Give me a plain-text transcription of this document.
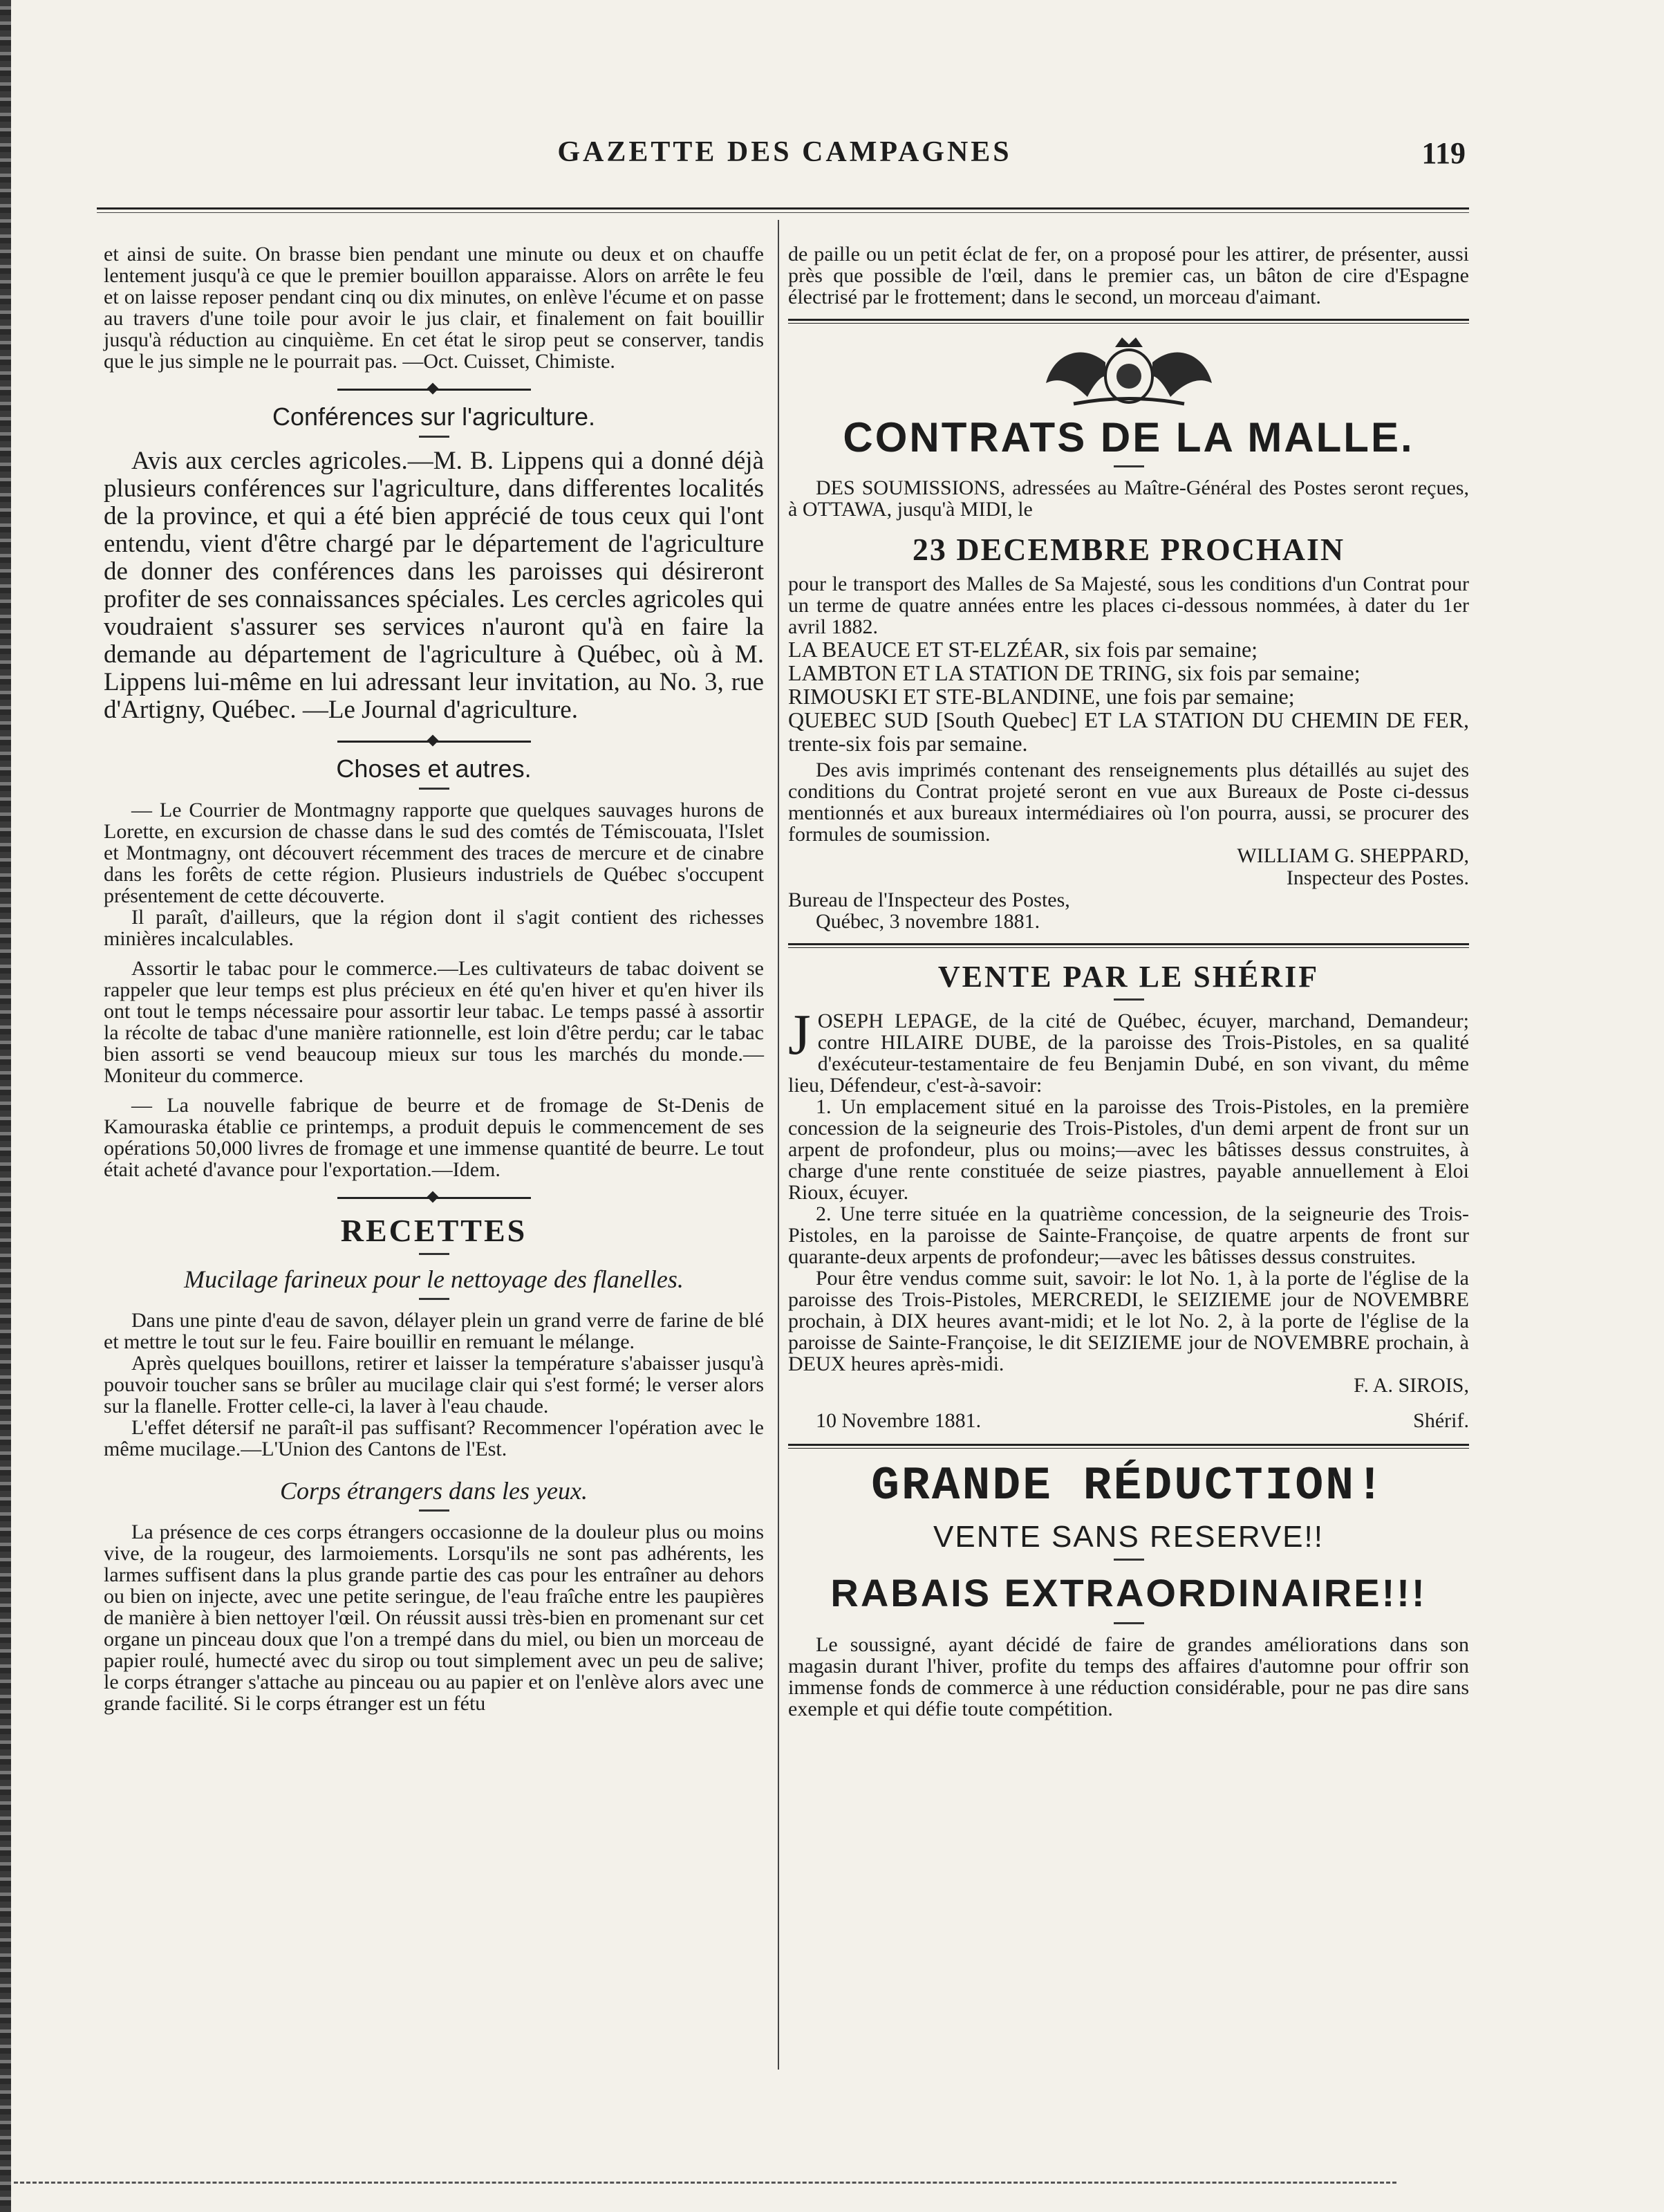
GAZETTE DES CAMPAGNES	119

et ainsi de suite. On brasse bien pendant une minute ou deux et on chauffe lentement jusqu'à ce que le premier bouillon apparaisse. Alors on arrête le feu et on laisse reposer pendant cinq ou dix minutes, on enlève l'écume et on passe au travers d'une toile pour avoir le jus clair, et finalement on fait bouillir jusqu'à réduction au cinquième. En cet état le sirop peut se conserver, tandis que le jus simple ne le pourrait pas. —Oct. Cuisset, Chimiste.

Conférences sur l'agriculture.

Avis aux cercles agricoles.—M. B. Lippens qui a donné déjà plusieurs conférences sur l'agriculture, dans differentes localités de la province, et qui a été bien apprécié de tous ceux qui l'ont entendu, vient d'être chargé par le département de l'agriculture de donner des conférences dans les paroisses qui désireront profiter de ses connaissances spéciales. Les cercles agricoles qui voudraient s'assurer ses services n'auront qu'à en faire la demande au département de l'agriculture à Québec, où à M. Lippens lui-même en lui adressant leur invitation, au No. 3, rue d'Artigny, Québec. —Le Journal d'agriculture.

Choses et autres.

— Le Courrier de Montmagny rapporte que quelques sauvages hurons de Lorette, en excursion de chasse dans le sud des comtés de Témiscouata, l'Islet et Montmagny, ont découvert récemment des traces de mercure et de cinabre dans les forêts de cette région. Plusieurs industriels de Québec s'occupent présentement de cette découverte.

Il paraît, d'ailleurs, que la région dont il s'agit contient des richesses minières incalculables.

Assortir le tabac pour le commerce.—Les cultivateurs de tabac doivent se rappeler que leur temps est plus précieux en été qu'en hiver et qu'en hiver ils ont tout le temps nécessaire pour assortir leur tabac. Le temps passé à assortir la récolte de tabac d'une manière rationnelle, est loin d'être perdu; car le tabac bien assorti se vend beaucoup mieux sur tous les marchés du monde.—Moniteur du commerce.

— La nouvelle fabrique de beurre et de fromage de St-Denis de Kamouraska établie ce printemps, a produit depuis le commencement de ses opérations 50,000 livres de fromage et une immense quantité de beurre. Le tout était acheté d'avance pour l'exportation.—Idem.

RECETTES
Mucilage farineux pour le nettoyage des flanelles.

Dans une pinte d'eau de savon, délayer plein un grand verre de farine de blé et mettre le tout sur le feu. Faire bouillir en remuant le mélange.

Après quelques bouillons, retirer et laisser la température s'abaisser jusqu'à pouvoir toucher sans se brûler au mucilage clair qui s'est formé; le verser alors sur la flanelle. Frotter celle-ci, la laver à l'eau chaude.

L'effet détersif ne paraît-il pas suffisant? Recommencer l'opération avec le même mucilage.—L'Union des Cantons de l'Est.

Corps étrangers dans les yeux.

La présence de ces corps étrangers occasionne de la douleur plus ou moins vive, de la rougeur, des larmoiements. Lorsqu'ils ne sont pas adhérents, les larmes suffisent dans la plus grande partie des cas pour les entraîner au dehors ou bien on injecte, avec une petite seringue, de l'eau fraîche entre les paupières de manière à bien nettoyer l'œil. On réussit aussi très-bien en promenant sur cet organe un pinceau doux que l'on a trempé dans du miel, ou bien un morceau de papier roulé, humecté avec du sirop ou tout simplement avec un peu de salive; le corps étranger s'attache au pinceau ou au papier et on l'enlève alors avec une grande facilité. Si le corps étranger est un fétu

de paille ou un petit éclat de fer, on a proposé pour les attirer, de présenter, aussi près que possible de l'œil, dans le premier cas, un bâton de cire d'Espagne électrisé par le frottement; dans le second, un morceau d'aimant.

CONTRATS DE LA MALLE.

DES SOUMISSIONS, adressées au Maître-Général des Postes seront reçues, à OTTAWA, jusqu'à MIDI, le

23 DECEMBRE PROCHAIN

pour le transport des Malles de Sa Majesté, sous les conditions d'un Contrat pour un terme de quatre années entre les places ci-dessous nommées, à dater du 1er avril 1882.

LA BEAUCE ET ST-ELZÉAR, six fois par semaine;

LAMBTON ET LA STATION DE TRING, six fois par semaine;

RIMOUSKI ET STE-BLANDINE, une fois par semaine;

QUEBEC SUD [South Quebec] ET LA STATION DU CHEMIN DE FER, trente-six fois par semaine.

Des avis imprimés contenant des renseignements plus détaillés au sujet des conditions du Contrat projeté seront en vue aux Bureaux de Poste ci-dessus mentionnés et aux bureaux intermédiaires où l'on pourra, aussi, se procurer des formules de soumission.

WILLIAM G. SHEPPARD,
Inspecteur des Postes.

Bureau de l'Inspecteur des Postes,

Québec, 3 novembre 1881.

VENTE PAR LE SHÉRIF

JOSEPH LEPAGE, de la cité de Québec, écuyer, marchand, Demandeur; contre HILAIRE DUBE, de la paroisse des Trois-Pistoles, en sa qualité d'exécuteur-testamentaire de feu Benjamin Dubé, en son vivant, du même lieu, Défendeur, c'est-à-savoir:

1. Un emplacement situé en la paroisse des Trois-Pistoles, en la première concession de la seigneurie des Trois-Pistoles, d'un demi arpent de front sur un arpent de profondeur, plus ou moins;—avec les bâtisses dessus construites, à charge d'une rente constituée de seize piastres, payable annuellement à Eloi Rioux, écuyer.

2. Une terre située en la quatrième concession, de la seigneurie des Trois-Pistoles, en la paroisse de Sainte-Françoise, de quatre arpents de front sur quarante-deux arpents de profondeur;—avec les bâtisses dessus construites.

Pour être vendus comme suit, savoir: le lot No. 1, à la porte de l'église de la paroisse des Trois-Pistoles, MERCREDI, le SEIZIEME jour de NOVEMBRE prochain, à DIX heures avant-midi; et le lot No. 2, à la porte de l'église de la paroisse de Sainte-Françoise, le dit SEIZIEME jour de NOVEMBRE prochain, à DEUX heures après-midi.

F. A. SIROIS,
10 Novembre 1881.	Shérif.
GRANDE RÉDUCTION!
VENTE SANS RESERVE!!
RABAIS EXTRAORDINAIRE!!!

Le soussigné, ayant décidé de faire de grandes améliorations dans son magasin durant l'hiver, profite du temps des affaires d'automne pour offrir son immense fonds de commerce à une réduction considérable, pour ne pas dire sans exemple et qui défie toute compétition.
